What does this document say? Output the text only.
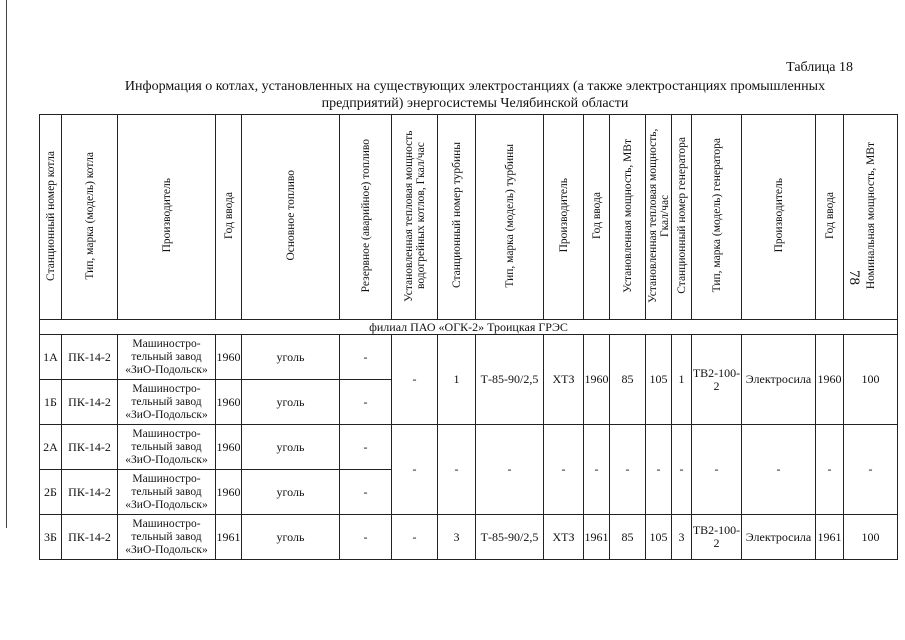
Таблица 18
Информация о котлах, установленных на существующих электростанциях (а также электростанциях промышленных
предприятий) энергосистемы Челябинской области
78
Станционный номер котла	Тип, марка (модель) котла	Производитель	Год ввода	Основное топливо	Резервное (аварийное) топливо	Установленная тепловая мощность водогрейных котлов, Гкал/час	Станционный номер турбины	Тип, марка (модель) турбины	Производитель	Год ввода	Установленная мощность, МВт	Установленная тепловая мощность, Гкал/час	Станционный номер генератора	Тип, марка (модель) генератора	Производитель	Год ввода	Номинальная мощность, МВт
филиал ПАО «ОГК-2» Троицкая ГРЭС																	
1А	ПК-14-2	Машиностро-
тельный завод
«ЗиО-Подольск»	1960	уголь	-	-	1	Т-85-90/2,5	ХТЗ	1960	85	105	1	ТВ2-100-2	Электросила	1960	100
1Б	ПК-14-2	Машиностро-
тельный завод
«ЗиО-Подольск»	1960	уголь	-												
2А	ПК-14-2	Машиностро-
тельный завод
«ЗиО-Подольск»	1960	уголь	-	-	-	-	-	-	-	-	-	-	-	-	-
2Б	ПК-14-2	Машиностро-
тельный завод
«ЗиО-Подольск»	1960	уголь	-												
3Б	ПК-14-2	Машиностро-
тельный завод
«ЗиО-Подольск»	1961	уголь	-	-	3	Т-85-90/2,5	ХТЗ	1961	85	105	3	ТВ2-100-2	Электросила	1961	100
